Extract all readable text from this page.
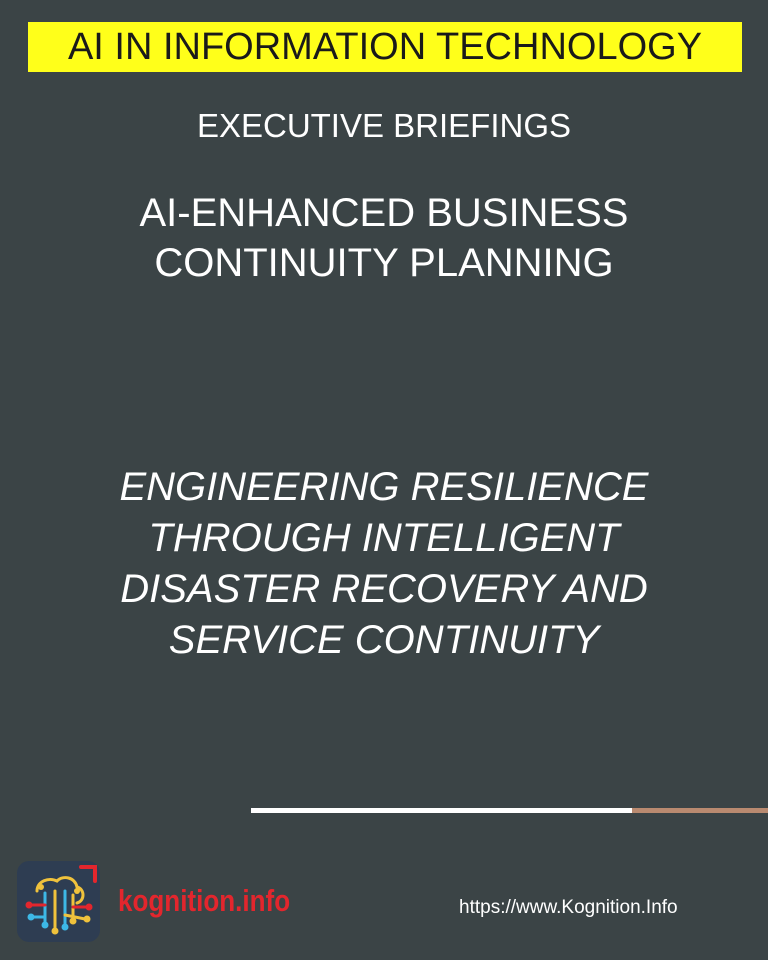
AI IN INFORMATION TECHNOLOGY
EXECUTIVE BRIEFINGS
AI-ENHANCED BUSINESS
CONTINUITY PLANNING
ENGINEERING RESILIENCE
THROUGH INTELLIGENT
DISASTER RECOVERY AND
SERVICE CONTINUITY
kognition.info	https://www.Kognition.Info
